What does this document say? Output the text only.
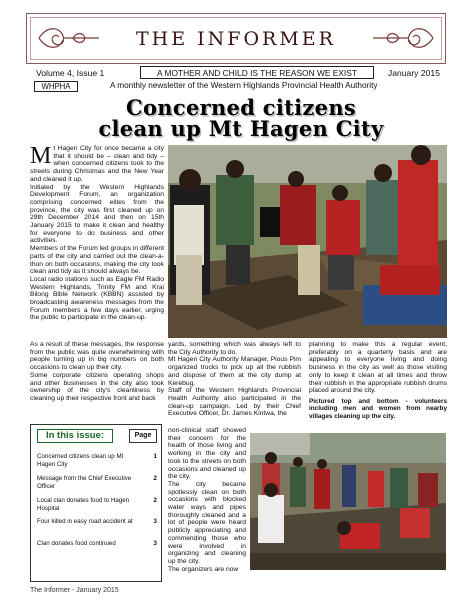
THE INFORMER
Volume 4, Issue 1	A MOTHER AND CHILD IS THE REASON WE EXIST	January 2015
WHPHA	A monthly newsletter of the Western Highlands Provincial Health Authority
Concerned citizens
clean up Mt Hagen City
M t Hagen City for once became a city that it should be – clean and tidy – when concerned citizens took to the streets during Christmas and the New Year and cleaned it up.

Initiated by the Western Highlands Development Forum, an organization comprising concerned elites from the province, the city was first cleaned up on 29th December 2014 and then on 15th January 2015 to make it clean and healthy for everyone to do business and other activities.

Members of the Forum led groups in different parts of the city and carried out the clean-a-thon on both occasions, making the city look clean and tidy as it should always be.

Local radio stations such as Eagle FM Radio Western Highlands, Trinity FM and Krai Bilong Bible Network (KBBN) assisted by broadcasting awareness messages from the Forum members a few days earlier, urging the public to participate in the clean-up.

As a result of these messages, the response from the public was quite overwhelming with people turning up in big numbers on both occasions to clean up their city.

Some corporate citizens operating shops and other businesses in the city also took ownership of the city's cleanliness by cleaning up their respective front and back

yards, something which was always left to the City Authority to do.

Mt Hagen City Authority Manager, Pious Pim organized trucks to pick up all the rubbish and dispose of them at the city dump at Kerebug.

Staff of the Western Highlands Provincial Health Authority also participated in the clean-up campaign. Led by their Chief Executive Officer, Dr. James Kintwa, the

planning to make this a regular event, preferably on a quarterly basis and are appealing to everyone living and doing business in the city as well as those visiting only to keep it clean at all times and throw their rubbish in the appropriate rubbish drums placed around the city.

Pictured top and bottom - volunteers including men and women from nearby villages cleaning up the city.

non-clinical staff showed their concern for the health of those living and working in the city and took to the streets on both occasions and cleaned up the city.

The city became spotlessly clean on both occasions with blocked water ways and pipes thoroughly cleaned and a lot of people were heard publicly appreciating and commending those who were involved in organizing and cleaning up the city.

The organizers are now

In this issue:	Page
Concerned citizens clean up Mt Hagen City
1
Message from the Chief Executive Officer
2
Local clan donates food to Hagen Hospital
2
Four killed in easy road accident at	3
Clan donates food continued	3
The Informer - January 2015
